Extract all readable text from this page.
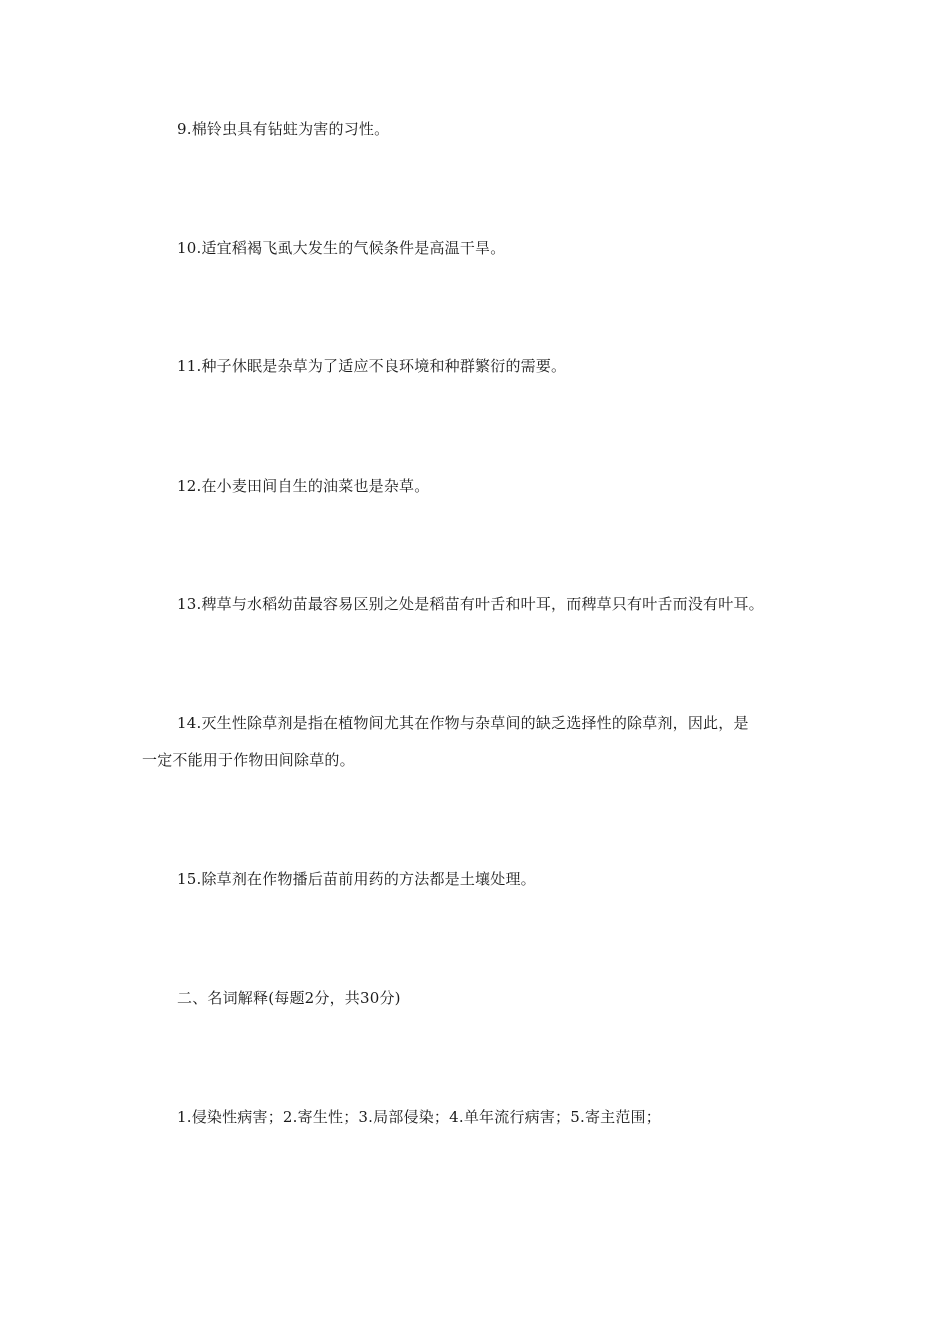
9.棉铃虫具有钻蛀为害的习性。
10.适宜稻褐飞虱大发生的气候条件是高温干旱。
11.种子休眠是杂草为了适应不良环境和种群繁衍的需要。
12.在小麦田间自生的油菜也是杂草。
13.稗草与水稻幼苗最容易区别之处是稻苗有叶舌和叶耳，而稗草只有叶舌而没有叶耳。
14.灭生性除草剂是指在植物间尤其在作物与杂草间的缺乏选择性的除草剂，因此，是
一定不能用于作物田间除草的。
15.除草剂在作物播后苗前用药的方法都是土壤处理。
二、名词解释(每题2分，共30分)
1.侵染性病害；2.寄生性；3.局部侵染；4.单年流行病害；5.寄主范围；
